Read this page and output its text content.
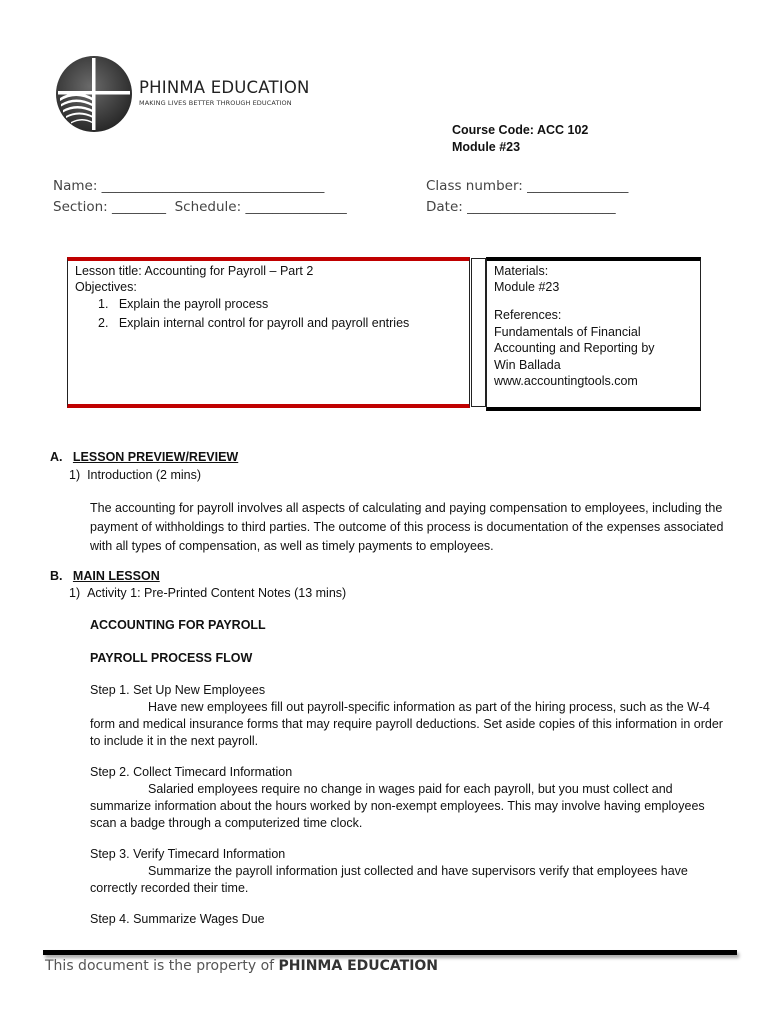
PHINMA EDUCATION
MAKING LIVES BETTER THROUGH EDUCATION
Course Code: ACC 102
Module #23
Name: _________________________________	Class number: _______________
Section: ________  Schedule: _______________	Date: ______________________
Lesson title: Accounting for Payroll – Part 2
Objectives:
1.   Explain the payroll process
2.   Explain internal control for payroll and payroll entries
Materials:
Module #23
References:
Fundamentals of Financial
Accounting and Reporting by
Win Ballada
www.accountingtools.com
A. LESSON PREVIEW/REVIEW
1) Introduction (2 mins)
The accounting for payroll involves all aspects of calculating and paying compensation to employees, including the payment of withholdings to third parties. The outcome of this process is documentation of the expenses associated with all types of compensation, as well as timely payments to employees.
B. MAIN LESSON
1) Activity 1: Pre-Printed Content Notes (13 mins)
ACCOUNTING FOR PAYROLL
PAYROLL PROCESS FLOW
Step 1. Set Up New Employees
Have new employees fill out payroll-specific information as part of the hiring process, such as the W-4 form and medical insurance forms that may require payroll deductions. Set aside copies of this information in order to include it in the next payroll.
Step 2. Collect Timecard Information
Salaried employees require no change in wages paid for each payroll, but you must collect and summarize information about the hours worked by non-exempt employees. This may involve having employees scan a badge through a computerized time clock.
Step 3. Verify Timecard Information
Summarize the payroll information just collected and have supervisors verify that employees have correctly recorded their time.
Step 4. Summarize Wages Due
This document is the property of PHINMA EDUCATION
